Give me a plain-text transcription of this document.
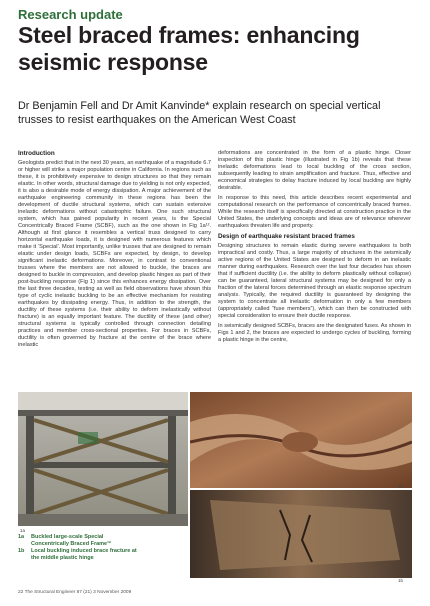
Research update
Steel braced frames: enhancing seismic response

Dr Benjamin Fell and Dr Amit Kanvinde* explain research on special vertical trusses to resist earthquakes on the American West Coast

Introduction

Geologists predict that in the next 30 years, an earthquake of a magnitude 6.7 or higher will strike a major population centre in California. In regions such as these, it is prohibitively expensive to design structures so that they remain elastic. In other words, structural damage due to yielding is not only expected, it is also a desirable mode of energy dissipation. A major achievement of the earthquake engineering community in these regions has been the development of ductile structural systems, which can sustain extensive inelastic deformations without catastrophic failure. One such structural system, which has gained popularity in recent years, is the Special Concentrically Braced Frame (SCBF), such as the one shown in Fig 1a¹². Although at first glance it resembles a vertical truss designed to carry horizontal earthquake loads, it is designed with numerous features which make it ‘Special’. Most importantly, unlike trusses that are designed to remain elastic under design loads, SCBFs are expected, by design, to develop significant inelastic deformations. Moreover, in contrast to conventional trusses where the members are not allowed to buckle, the braces are designed to buckle in compression, and develop plastic hinges as part of their post-buckling response (Fig 1) since this enhances energy dissipation. Over the last three decades, testing as well as field observations have shown this type of cyclic inelastic buckling to be an effective mechanism for resisting earthquakes by dissipating energy. Thus, in addition to the strength, the ductility of these systems (i.e. their ability to deform inelastically without fracture) is an equally important feature. The ductility of these (and other) structural systems is typically controlled through connection detailing practices and member cross-sectional properties. For braces in SCBFs, ductility is often governed by fracture at the centre of the brace where inelastic

deformations are concentrated in the form of a plastic hinge. Closer inspection of this plastic hinge (illustrated in Fig 1b) reveals that these inelastic deformations lead to local buckling of the cross section, subsequently leading to strain amplification and fracture. Thus, effective and economical strategies to delay fracture induced by local buckling are highly desirable.

In response to this need, this article describes recent experimental and computational research on the performance of concentrically braced frames. While the research itself is specifically directed at construction practice in the United States, the underlying concepts and ideas are of relevance wherever earthquakes threaten life and property.

Design of earthquake resistant braced frames

Designing structures to remain elastic during severe earthquakes is both impractical and costly. Thus, a large majority of structures in the seismically active regions of the United States are designed to deform in an inelastic manner during earthquakes. Research over the last four decades has shown that if sufficient ductility (i.e. the ability to deform plastically without collapse) can be guaranteed, lateral structural systems may be designed for only a fraction of the lateral forces determined through an elastic response spectrum analysis. Typically, the required ductility is guaranteed by designing the system to concentrate all inelastic deformation in only a few members (appropriately called “fuse members”), which can then be constructed with special consideration to ensure their ductile response.

In seismically designed SCBFs, braces are the designated fuses. As shown in Figs 1 and 2, the braces are expected to undergo cycles of buckling, forming a plastic hinge in the centre,

1a
1b
1b
1a	Buckled large-scale Special Concentrically Braced Frame¹²
1b	Local buckling induced brace fracture at the middle plastic hinge
22 The Structural Engineer 87 (21) 3 November 2009
